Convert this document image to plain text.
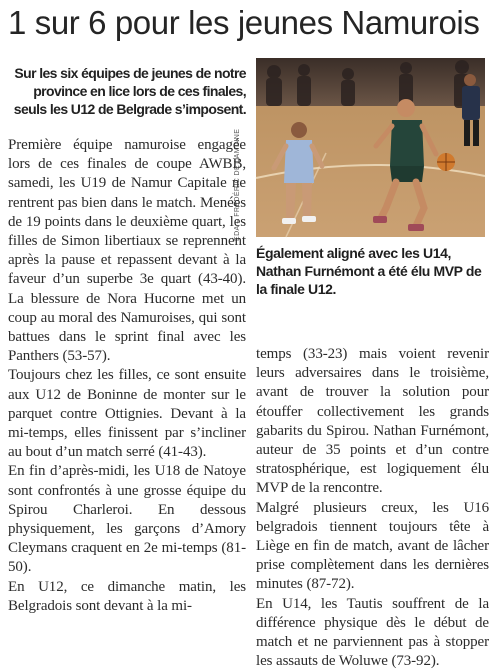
1 sur 6 pour les jeunes Namurois
Sur les six équipes de jeunes de notre province en lice lors de ces finales, seuls les U12 de Belgrade s’imposent.
ÉDA – FRÉDÉRIC DE LAMINNE
Également aligné avec les U14, Nathan Furnémont a été élu MVP de la finale U12.

Première équipe namuroise engagée lors de ces finales de coupe AWBB, samedi, les U19 de Namur Capitale ne rentrent pas bien dans le match. Menées de 19 points dans le deuxième quart, les filles de Simon libertiaux se reprennent après la pause et repassent devant à la faveur d’un superbe 3e quart (43-40). La blessure de Nora Hucorne met un coup au moral des Namuroises, qui sont battues dans le sprint final avec les Panthers (53-57).

Toujours chez les filles, ce sont ensuite aux U12 de Boninne de monter sur le parquet contre Ottignies. Devant à la mi-temps, elles finissent par s’incliner au bout d’un match serré (41-43).

En fin d’après-midi, les U18 de Natoye sont confrontés à une grosse équipe du Spirou Charleroi. En dessous physiquement, les garçons d’Amory Cleymans craquent en 2e mi-temps (81-50).

En U12, ce dimanche matin, les Belgradois sont devant à la mi-

temps (33-23) mais voient revenir leurs adversaires dans le troisième, avant de trouver la solution pour étouffer collectivement les grands gabarits du Spirou. Nathan Furnémont, auteur de 35 points et d’un contre stratosphérique, est logiquement élu MVP de la rencontre.

Malgré plusieurs creux, les U16 belgradois tiennent toujours tête à Liège en fin de match, avant de lâcher prise complètement dans les dernières minutes (87-72).

En U14, les Tautis souffrent de la différence physique dès le début de match et ne parviennent pas à stopper les assauts de Woluwe (73-92).
